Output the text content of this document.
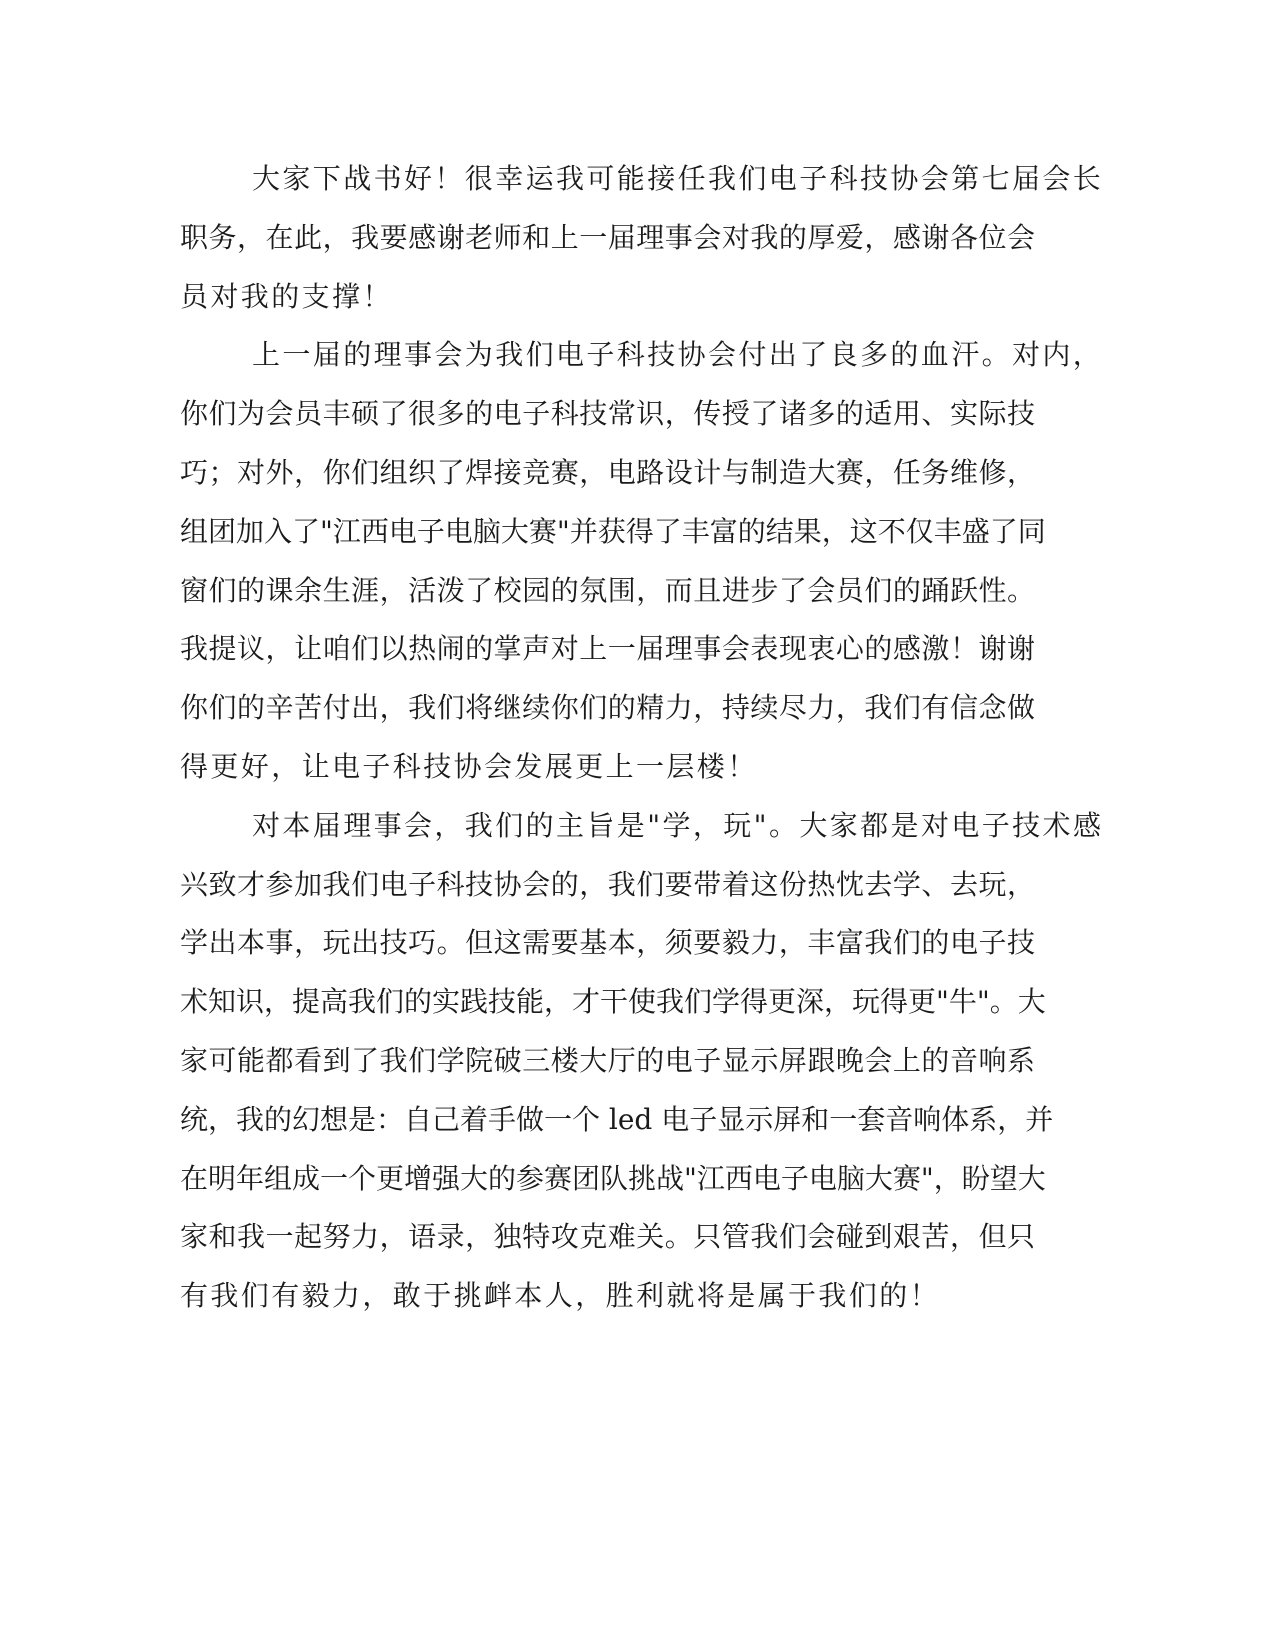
大家下战书好！很幸运我可能接任我们电子科技协会第七届会长
职务，在此，我要感谢老师和上一届理事会对我的厚爱，感谢各位会
员对我的支撑！
上一届的理事会为我们电子科技协会付出了良多的血汗。对内，
你们为会员丰硕了很多的电子科技常识，传授了诸多的适用、实际技
巧；对外，你们组织了焊接竞赛，电路设计与制造大赛，任务维修，
组团加入了"江西电子电脑大赛"并获得了丰富的结果，这不仅丰盛了同
窗们的课余生涯，活泼了校园的氛围，而且进步了会员们的踊跃性。
我提议，让咱们以热闹的掌声对上一届理事会表现衷心的感激！谢谢
你们的辛苦付出，我们将继续你们的精力，持续尽力，我们有信念做
得更好，让电子科技协会发展更上一层楼！
对本届理事会，我们的主旨是"学，玩"。大家都是对电子技术感
兴致才参加我们电子科技协会的，我们要带着这份热忱去学、去玩，
学出本事，玩出技巧。但这需要基本，须要毅力，丰富我们的电子技
术知识，提高我们的实践技能，才干使我们学得更深，玩得更"牛"。大
家可能都看到了我们学院破三楼大厅的电子显示屏跟晚会上的音响系
统，我的幻想是：自己着手做一个 led 电子显示屏和一套音响体系，并
在明年组成一个更增强大的参赛团队挑战"江西电子电脑大赛"，盼望大
家和我一起努力，语录，独特攻克难关。只管我们会碰到艰苦，但只
有我们有毅力，敢于挑衅本人，胜利就将是属于我们的！
